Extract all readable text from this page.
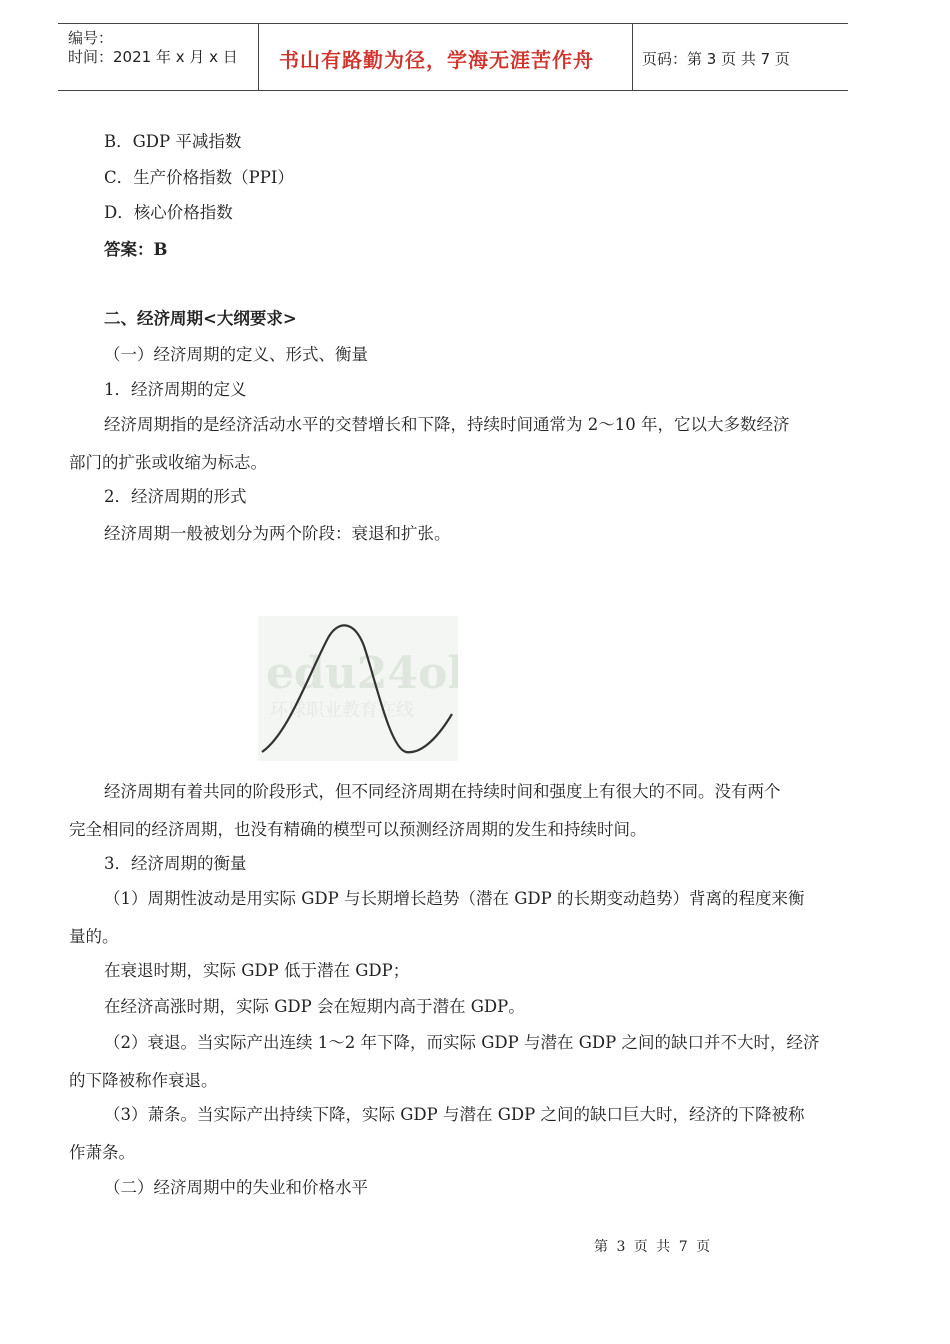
编号：
时间：2021 年 x 月 x 日 书山有路勤为径，学海无涯苦作舟	页码：第 3 页 共 7 页
B．GDP 平减指数
C．生产价格指数（PPI）
D．核心价格指数
答案：B
二、经济周期<大纲要求>
（一）经济周期的定义、形式、衡量
1．经济周期的定义
经济周期指的是经济活动水平的交替增长和下降，持续时间通常为 2～10 年，它以大多数经济
部门的扩张或收缩为标志。
2．经济周期的形式
经济周期一般被划分为两个阶段：衰退和扩张。
edu24ol
环球职业教育在线
经济周期有着共同的阶段形式，但不同经济周期在持续时间和强度上有很大的不同。没有两个
完全相同的经济周期，也没有精确的模型可以预测经济周期的发生和持续时间。
3．经济周期的衡量
（1）周期性波动是用实际 GDP 与长期增长趋势（潜在 GDP 的长期变动趋势）背离的程度来衡
量的。
在衰退时期，实际 GDP 低于潜在 GDP；
在经济高涨时期，实际 GDP 会在短期内高于潜在 GDP。
（2）衰退。当实际产出连续 1～2 年下降，而实际 GDP 与潜在 GDP 之间的缺口并不大时，经济
的下降被称作衰退。
（3）萧条。当实际产出持续下降，实际 GDP 与潜在 GDP 之间的缺口巨大时，经济的下降被称
作萧条。
（二）经济周期中的失业和价格水平
第 3 页 共 7 页
